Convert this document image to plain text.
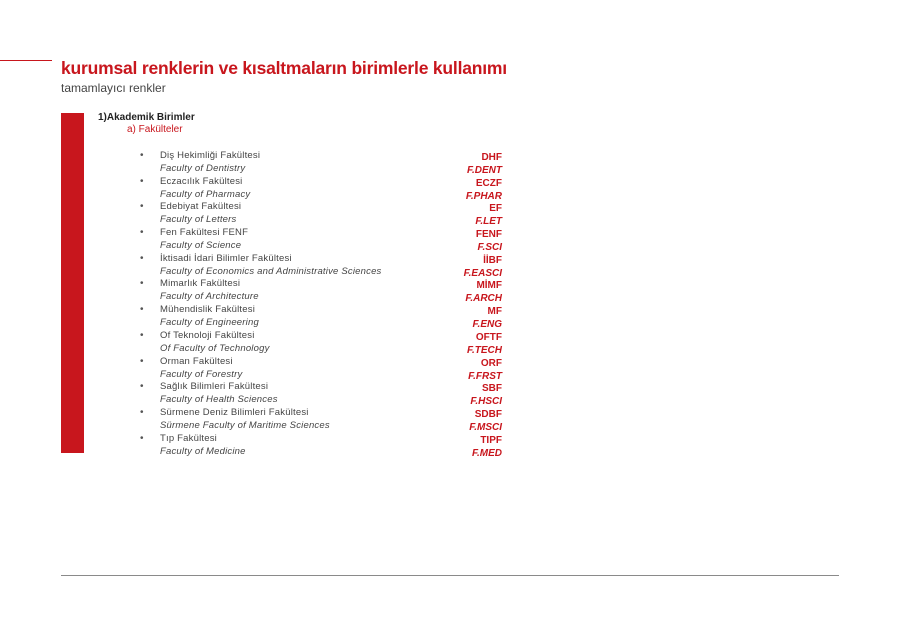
kurumsal renklerin ve kısaltmaların birimlerle kullanımı
tamamlayıcı renkler
1)Akademik Birimler
a) Fakülteler
• Diş Hekimliği Fakültesi
Faculty of Dentistry
DHF
F.DENT
• Eczacılık Fakültesi
Faculty of Pharmacy
ECZF
F.PHAR
• Edebiyat Fakültesi
Faculty of Letters
EF
F.LET
• Fen Fakültesi FENF
Faculty of Science
FENF
F.SCI
• İktisadi İdari Bilimler Fakültesi
Faculty of Economics and Administrative Sciences
İİBF
F.EASCI
• Mimarlık Fakültesi
Faculty of Architecture
MİMF
F.ARCH
• Mühendislik Fakültesi
Faculty of Engineering
MF
F.ENG
• Of Teknoloji Fakültesi
Of Faculty of Technology
OFTF
F.TECH
• Orman Fakültesi
Faculty of Forestry
ORF
F.FRST
• Sağlık Bilimleri Fakültesi
Faculty of Health Sciences
SBF
F.HSCI
• Sürmene Deniz Bilimleri Fakültesi
Sürmene Faculty of Maritime Sciences
SDBF
F.MSCI
• Tıp Fakültesi
Faculty of Medicine
TIPF
F.MED
